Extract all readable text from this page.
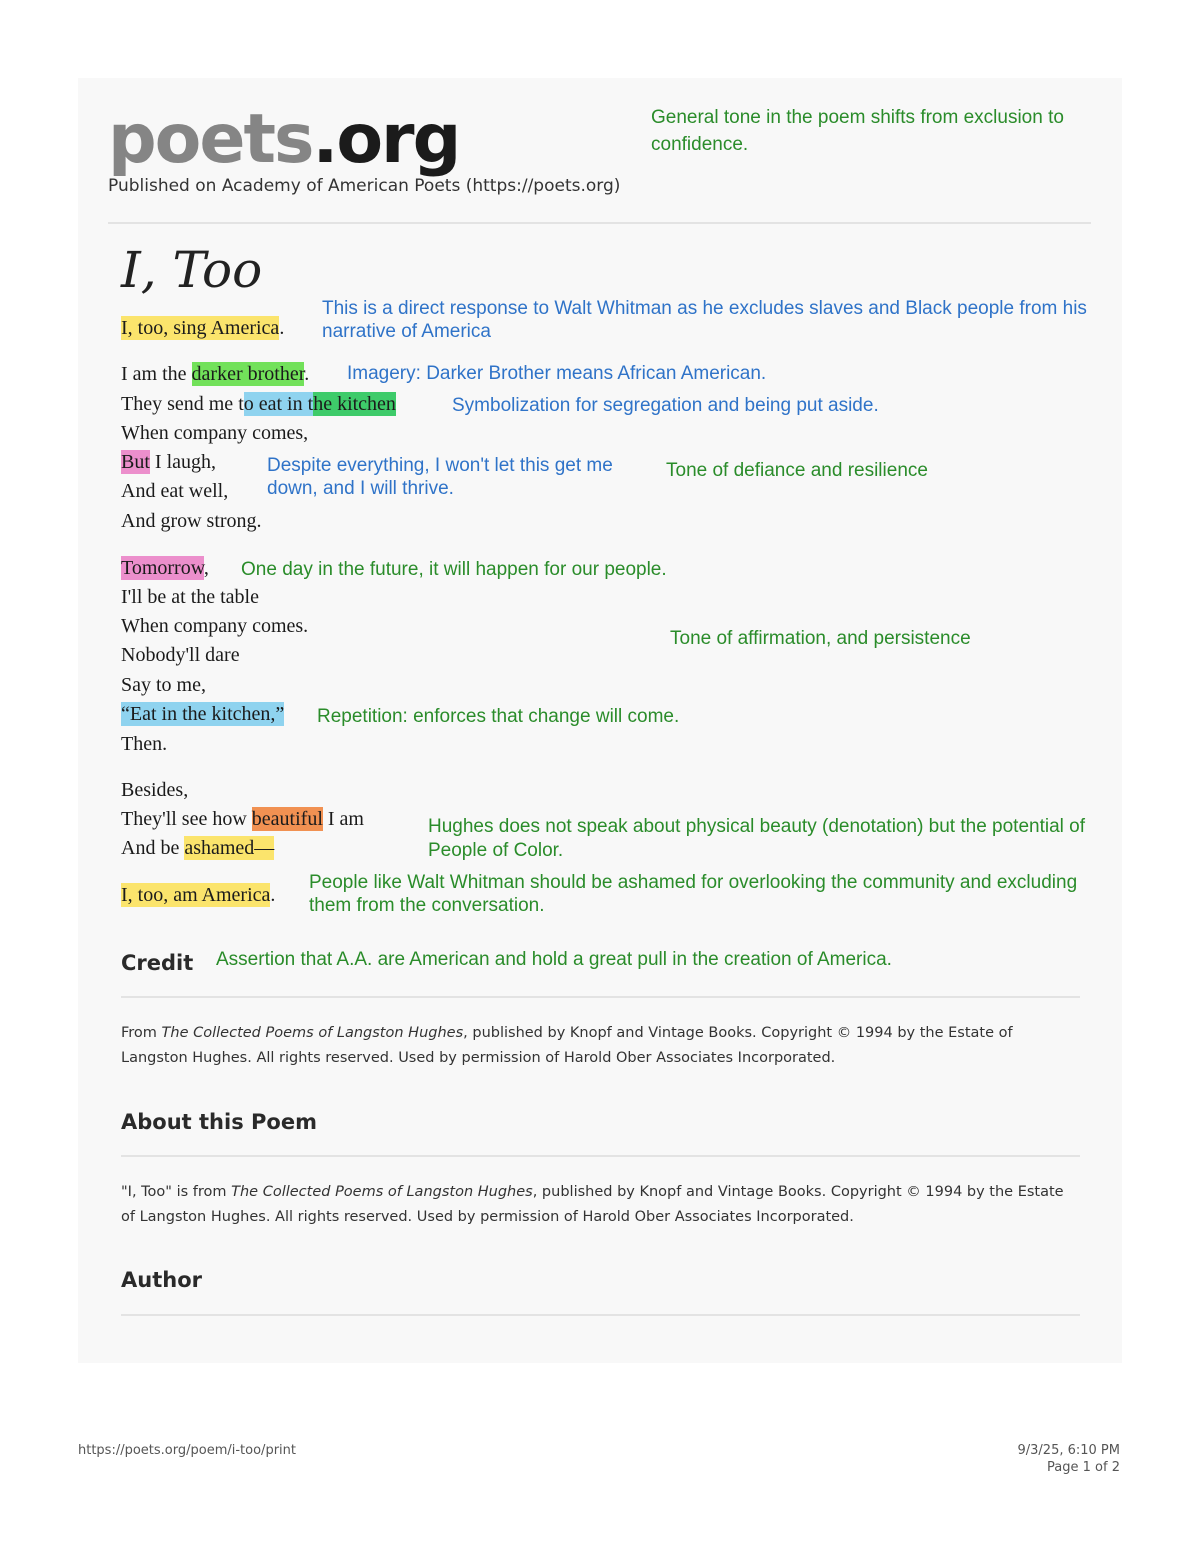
poets.org
Published on Academy of American Poets (https://poets.org)
General tone in the poem shifts from exclusion to
confidence.
I, Too
I, too, sing America.
This is a direct response to Walt Whitman as he excludes slaves and Black people from his
narrative of America
I am the darker brother. Imagery: Darker Brother means African American.
They send me to eat in the kitchen	Symbolization for segregation and being put aside.
When company comes,
But I laugh,	Despite everything, I won't let this get me
down, and I will thrive.
Tone of defiance and resilience
And eat well,
And grow strong.
Tomorrow, One day in the future, it will happen for our people.
I'll be at the table
When company comes.
Tone of affirmation, and persistence
Nobody'll dare
Say to me,
“Eat in the kitchen,” Repetition: enforces that change will come.
Then.
Besides,
They'll see how beautiful I am	Hughes does not speak about physical beauty (denotation) but the potential of
People of Color.
And be ashamed—
I, too, am America.
People like Walt Whitman should be ashamed for overlooking the community and excluding
them from the conversation.
Credit Assertion that A.A. are American and hold a great pull in the creation of America.
From The Collected Poems of Langston Hughes, published by Knopf and Vintage Books. Copyright © 1994 by the Estate of Langston Hughes. All rights reserved. Used by permission of Harold Ober Associates Incorporated.
About this Poem
"I, Too" is from The Collected Poems of Langston Hughes, published by Knopf and Vintage Books. Copyright © 1994 by the Estate of Langston Hughes. All rights reserved. Used by permission of Harold Ober Associates Incorporated.
Author
https://poets.org/poem/i-too/print	9/3/25, 6:10 PM
Page 1 of 2
